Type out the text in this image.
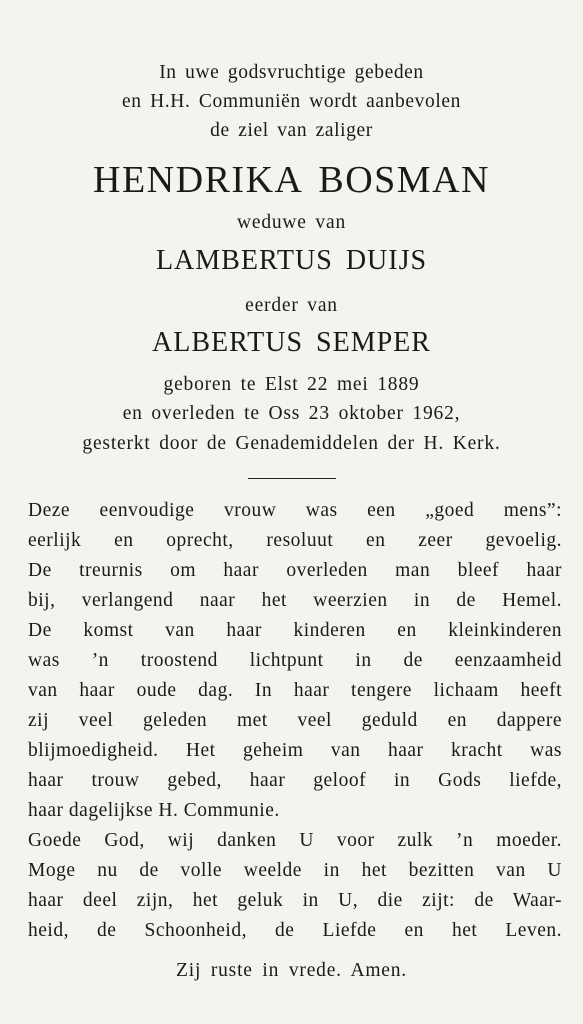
In uwe godsvruchtige gebeden
en H.H. Communiën wordt aanbevolen
de ziel van zaliger
HENDRIKA BOSMAN
weduwe van
LAMBERTUS DUIJS
eerder van
ALBERTUS SEMPER
geboren te Elst 22 mei 1889
en overleden te Oss 23 oktober 1962,
gesterkt door de Genademiddelen der H. Kerk.
Deze eenvoudige vrouw was een „goed mens”:
eerlijk en oprecht, resoluut en zeer gevoelig.
De treurnis om haar overleden man bleef haar
bij, verlangend naar het weerzien in de Hemel.
De komst van haar kinderen en kleinkinderen
was ’n troostend lichtpunt in de eenzaamheid
van haar oude dag. In haar tengere lichaam heeft
zij veel geleden met veel geduld en dappere
blijmoedigheid. Het geheim van haar kracht was
haar trouw gebed, haar geloof in Gods liefde,
haar dagelijkse H. Communie.
Goede God, wij danken U voor zulk ’n moeder.
Moge nu de volle weelde in het bezitten van U
haar deel zijn, het geluk in U, die zijt: de Waar-
heid, de Schoonheid, de Liefde en het Leven.
Zij ruste in vrede. Amen.
